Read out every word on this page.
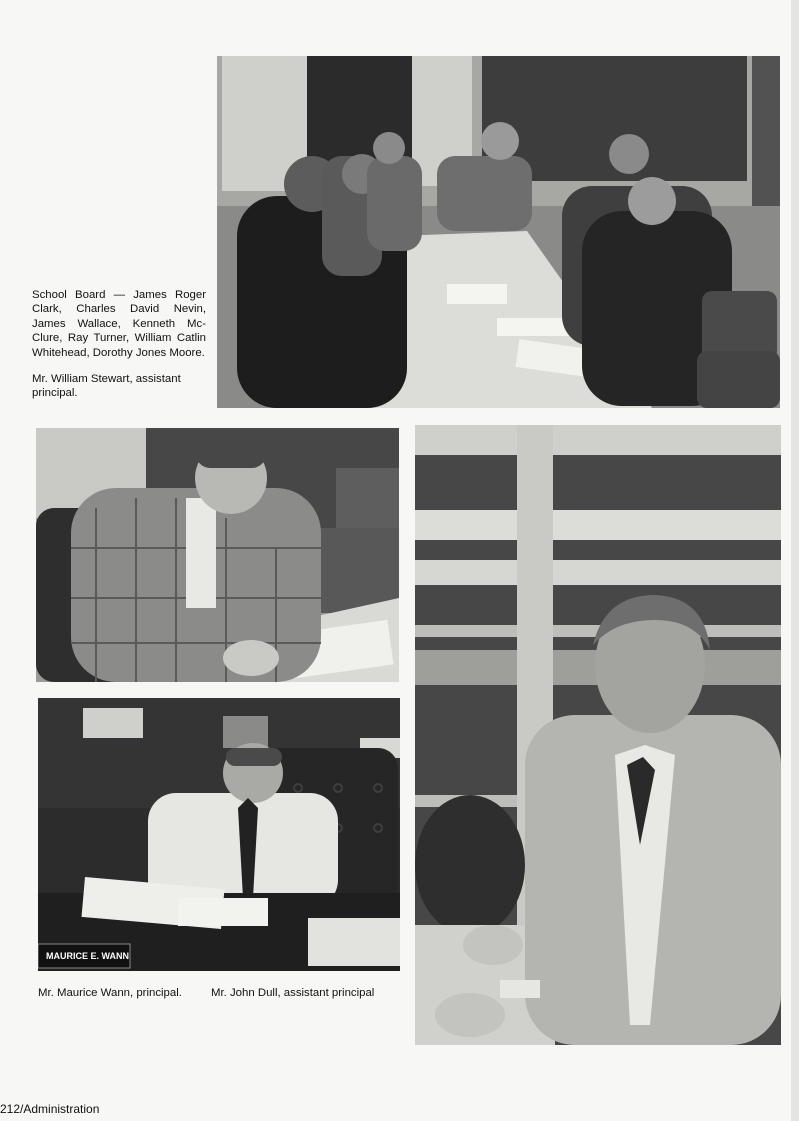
School Board — James Roger Clark, Charles David Nevin, James Wallace, Kenneth Mc-Clure, Ray Turner, William Catlin Whitehead, Dorothy Jones Moore.

Mr. William Stewart, assistant principal.

MAURICE E. WANN
Mr. Maurice Wann, principal.	Mr. John Dull, assistant principal
212/Administration
